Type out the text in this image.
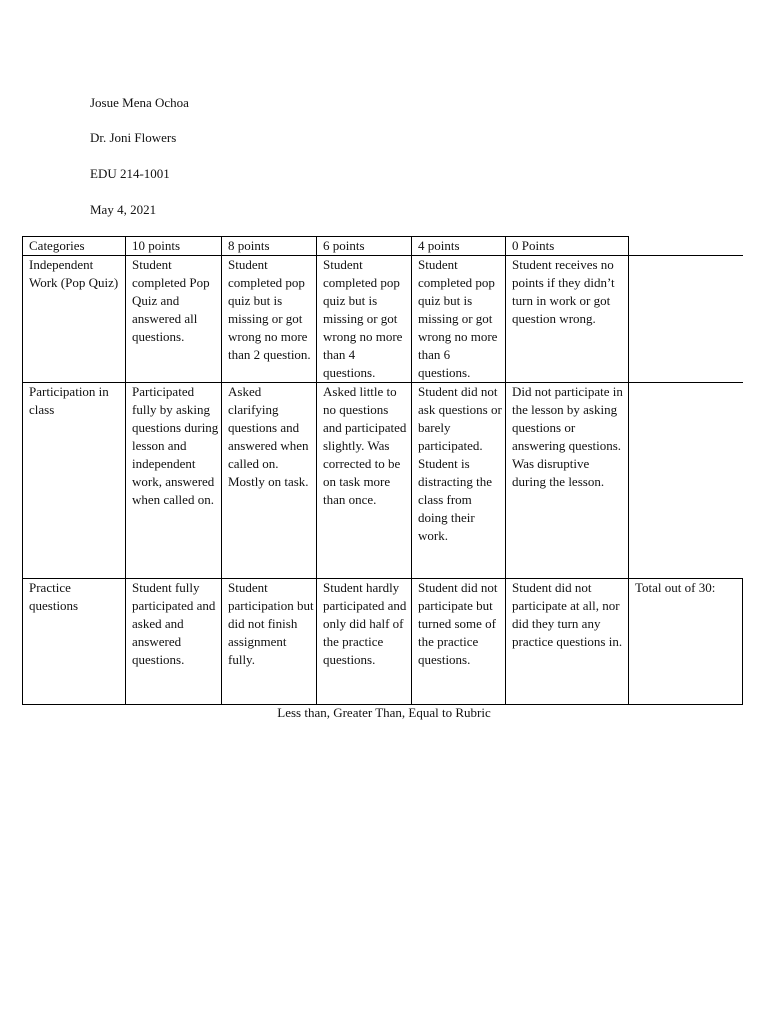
Josue Mena Ochoa
Dr. Joni Flowers
EDU 214-1001
May 4, 2021
Categories	10 points	8 points	6 points	4 points	0 Points	

Independent Work (Pop Quiz)	Student completed Pop Quiz and answered all questions.	Student completed pop quiz but is missing or got wrong no more than 2 question.	Student completed pop quiz but is missing or got wrong no more than 4 questions.	Student completed pop quiz but is missing or got wrong no more than 6 questions.	Student receives no points if they didn’t turn in work or got question wrong.	

Participation in class	Participated fully by asking questions during lesson and independent work, answered when called on.	Asked clarifying questions and answered when called on. Mostly on task.	Asked little to no questions and participated slightly. Was corrected to be on task more than once.	Student did not ask questions or barely participated. Student is distracting the class from doing their work.	Did not participate in the lesson by asking questions or answering questions. Was disruptive during the lesson.	

Practice questions	Student fully participated and asked and answered questions.	Student participation but did not finish assignment fully.	Student hardly participated and only did half of the practice questions.	Student did not participate but turned some of the practice questions.	Student did not participate at all, nor did they turn any practice questions in.	Total out of 30:
Less than, Greater Than, Equal to Rubric
